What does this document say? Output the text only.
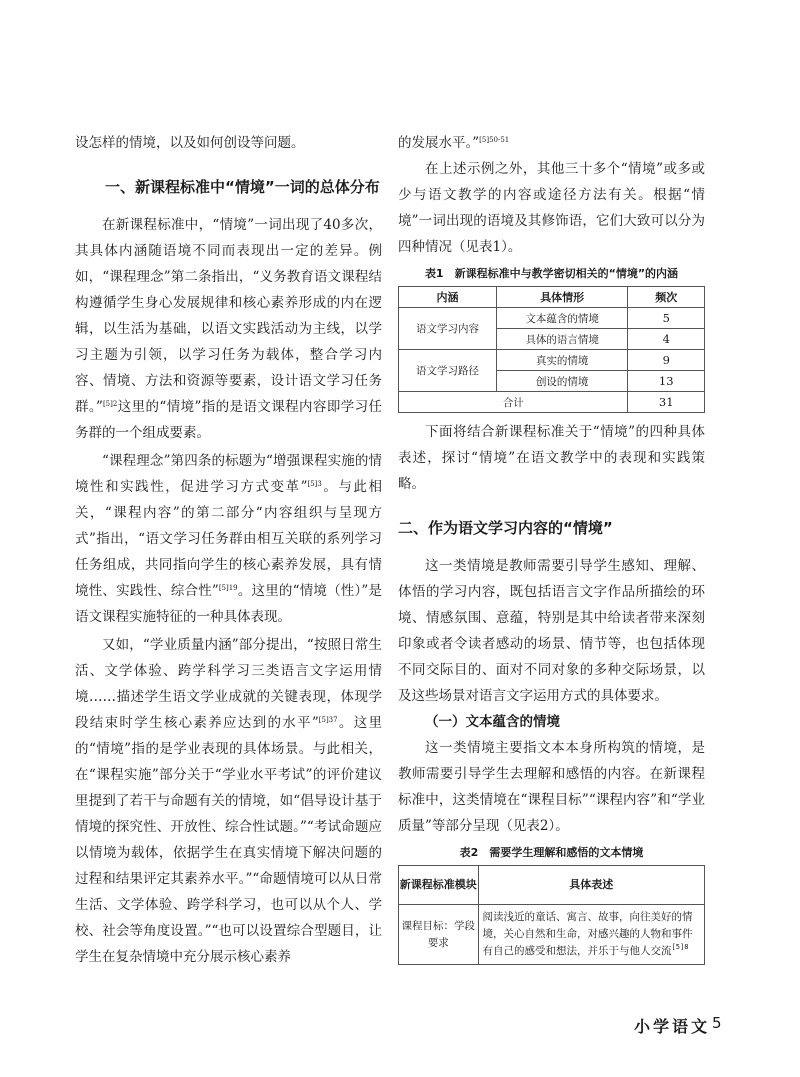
设怎样的情境，以及如何创设等问题。

一、新课程标准中“情境”一词的总体分布

在新课程标准中，“情境”一词出现了40多次，其具体内涵随语境不同而表现出一定的差异。例如，“课程理念”第二条指出，“义务教育语文课程结构遵循学生身心发展规律和核心素养形成的内在逻辑，以生活为基础，以语文实践活动为主线，以学习主题为引领，以学习任务为载体，整合学习内容、情境、方法和资源等要素，设计语文学习任务群。”$^{[5]2}$这里的“情境”指的是语文课程内容即学习任务群的一个组成要素。

“课程理念”第四条的标题为“增强课程实施的情境性和实践性，促进学习方式变革”$^{[5]3}$。与此相关，“课程内容”的第二部分“内容组织与呈现方式”指出，“语文学习任务群由相互关联的系列学习任务组成，共同指向学生的核心素养发展，具有情境性、实践性、综合性”$^{[5]19}$。这里的“情境（性）”是语文课程实施特征的一种具体表现。

又如，“学业质量内涵”部分提出，“按照日常生活、文学体验、跨学科学习三类语言文字运用情境……描述学生语文学业成就的关键表现，体现学段结束时学生核心素养应达到的水平”$^{[5]37}$。这里的“情境”指的是学业表现的具体场景。与此相关，在“课程实施”部分关于“学业水平考试”的评价建议里提到了若干与命题有关的情境，如“倡导设计基于情境的探究性、开放性、综合性试题。”“考试命题应以情境为载体，依据学生在真实情境下解决问题的过程和结果评定其素养水平。”“命题情境可以从日常生活、文学体验、跨学科学习，也可以从个人、学校、社会等角度设置。”“也可以设置综合型题目，让学生在复杂情境中充分展示核心素养

的发展水平。”$^{[5]50-51}$

在上述示例之外，其他三十多个“情境”或多或少与语文教学的内容或途径方法有关。根据“情境”一词出现的语境及其修饰语，它们大致可以分为四种情况（见表1）。

表1　新课程标准中与教学密切相关的“情境”的内涵
内涵	具体情形	频次
语文学习内容	文本蕴含的情境	5
	具体的语言情境	4
语文学习路径	真实的情境	9
	创设的情境	13
合计		31

下面将结合新课程标准关于“情境”的四种具体表述，探讨“情境”在语文教学中的表现和实践策略。

二、作为语文学习内容的“情境”

这一类情境是教师需要引导学生感知、理解、体悟的学习内容，既包括语言文字作品所描绘的环境、情感氛围、意蕴，特别是其中给读者带来深刻印象或者令读者感动的场景、情节等，也包括体现不同交际目的、面对不同对象的多种交际场景，以及这些场景对语言文字运用方式的具体要求。

（一）文本蕴含的情境

这一类情境主要指文本本身所构筑的情境，是教师需要引导学生去理解和感悟的内容。在新课程标准中，这类情境在“课程目标”“课程内容”和“学业质量”等部分呈现（见表2）。

表2　需要学生理解和感悟的文本情境
新课程标准模块	具体表述
课程目标：学段要求	阅读浅近的童话、寓言、故事，向往美好的情境，关心自然和生命，对感兴趣的人物和事件有自己的感受和想法，并乐于与他人交流$^{[5]8}$
小学语文 5
